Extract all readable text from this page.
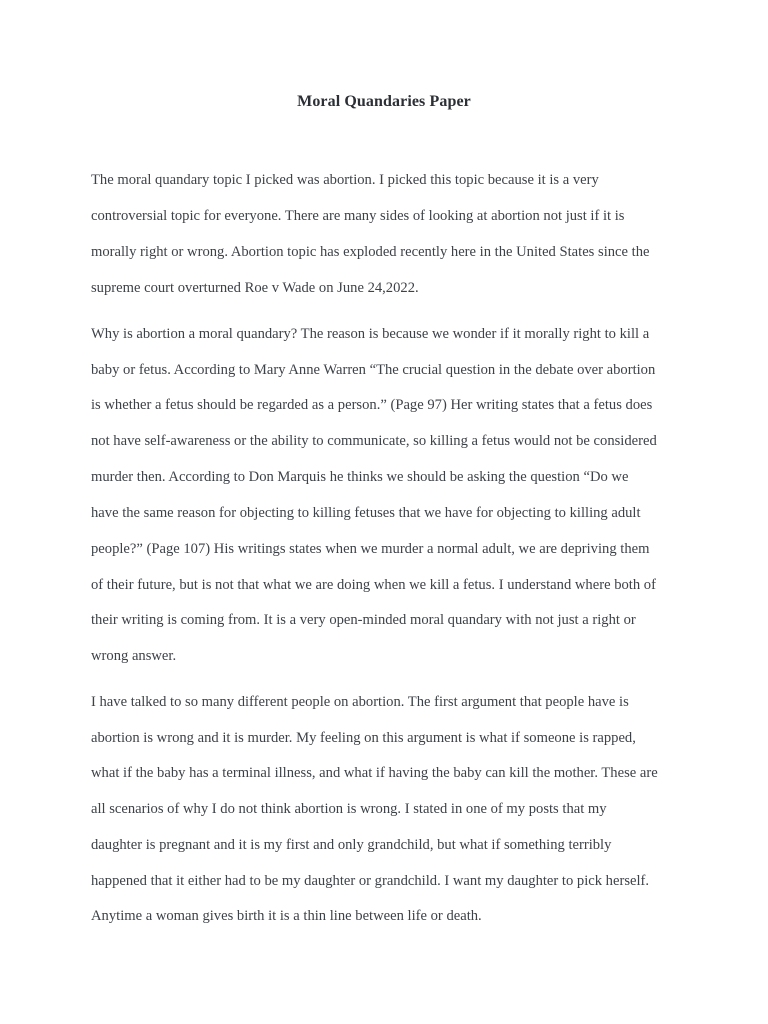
Moral Quandaries Paper
The moral quandary topic I picked was abortion. I picked this topic because it is a very
controversial topic for everyone. There are many sides of looking at abortion not just if it is
morally right or wrong. Abortion topic has exploded recently here in the United States since the
supreme court overturned Roe v Wade on June 24,2022.
Why is abortion a moral quandary? The reason is because we wonder if it morally right to kill a
baby or fetus. According to Mary Anne Warren “The crucial question in the debate over abortion
is whether a fetus should be regarded as a person.” (Page 97) Her writing states that a fetus does
not have self-awareness or the ability to communicate, so killing a fetus would not be considered
murder then. According to Don Marquis he thinks we should be asking the question “Do we
have the same reason for objecting to killing fetuses that we have for objecting to killing adult
people?” (Page 107) His writings states when we murder a normal adult, we are depriving them
of their future, but is not that what we are doing when we kill a fetus. I understand where both of
their writing is coming from. It is a very open-minded moral quandary with not just a right or
wrong answer.
I have talked to so many different people on abortion. The first argument that people have is
abortion is wrong and it is murder. My feeling on this argument is what if someone is rapped,
what if the baby has a terminal illness, and what if having the baby can kill the mother. These are
all scenarios of why I do not think abortion is wrong. I stated in one of my posts that my
daughter is pregnant and it is my first and only grandchild, but what if something terribly
happened that it either had to be my daughter or grandchild. I want my daughter to pick herself.
Anytime a woman gives birth it is a thin line between life or death.
